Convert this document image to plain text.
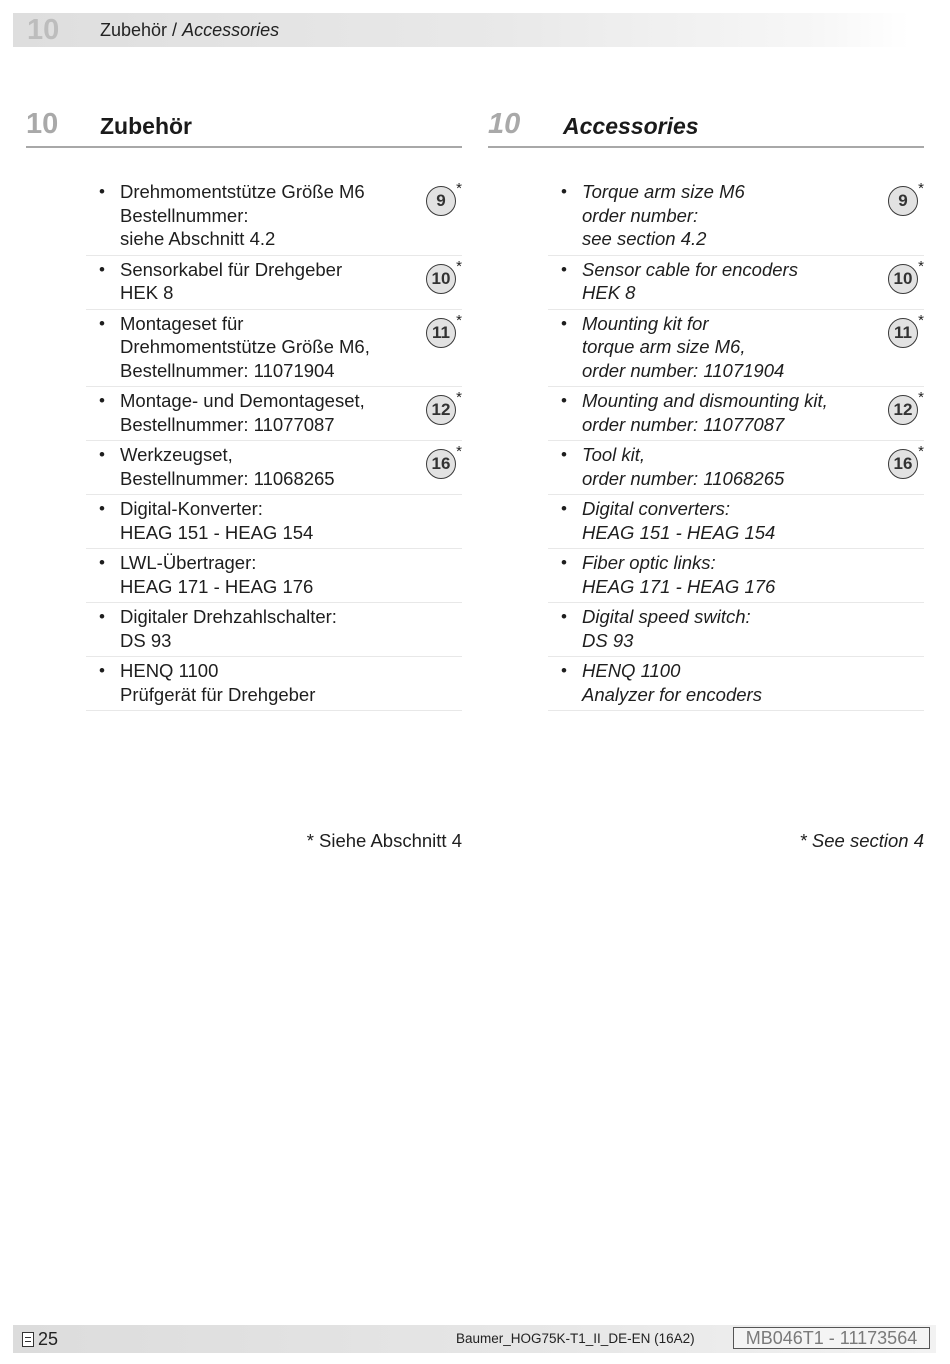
10 Zubehör / Accessories
10 Zubehör
• Drehmomentstütze Größe M6
Bestellnummer:
siehe Abschnitt 4.2
9
*
• Sensorkabel für Drehgeber
HEK 8
10
*
• Montageset für
Drehmomentstütze Größe M6,
Bestellnummer: 11071904
11
*
• Montage- und Demontageset,
Bestellnummer: 11077087
12
*
• Werkzeugset,
Bestellnummer: 11068265
16
*
• Digital-Konverter:
HEAG 151 - HEAG 154
• LWL-Übertrager:
HEAG 171 - HEAG 176
• Digitaler Drehzahlschalter:
DS 93
• HENQ 1100
Prüfgerät für Drehgeber
* Siehe Abschnitt 4
10 Accessories
• Torque arm size M6
order number:
see section 4.2
9
*
• Sensor cable for encoders
HEK 8
10
*
• Mounting kit for
torque arm size M6,
order number: 11071904
11
*
• Mounting and dismounting kit,
order number: 11077087
12
*
• Tool kit,
order number: 11068265
16
*
• Digital converters:
HEAG 151 - HEAG 154
• Fiber optic links:
HEAG 171 - HEAG 176
• Digital speed switch:
DS 93
• HENQ 1100
Analyzer for encoders
* See section 4
25	Baumer_HOG75K-T1_II_DE-EN (16A2)	MB046T1 - 11173564
